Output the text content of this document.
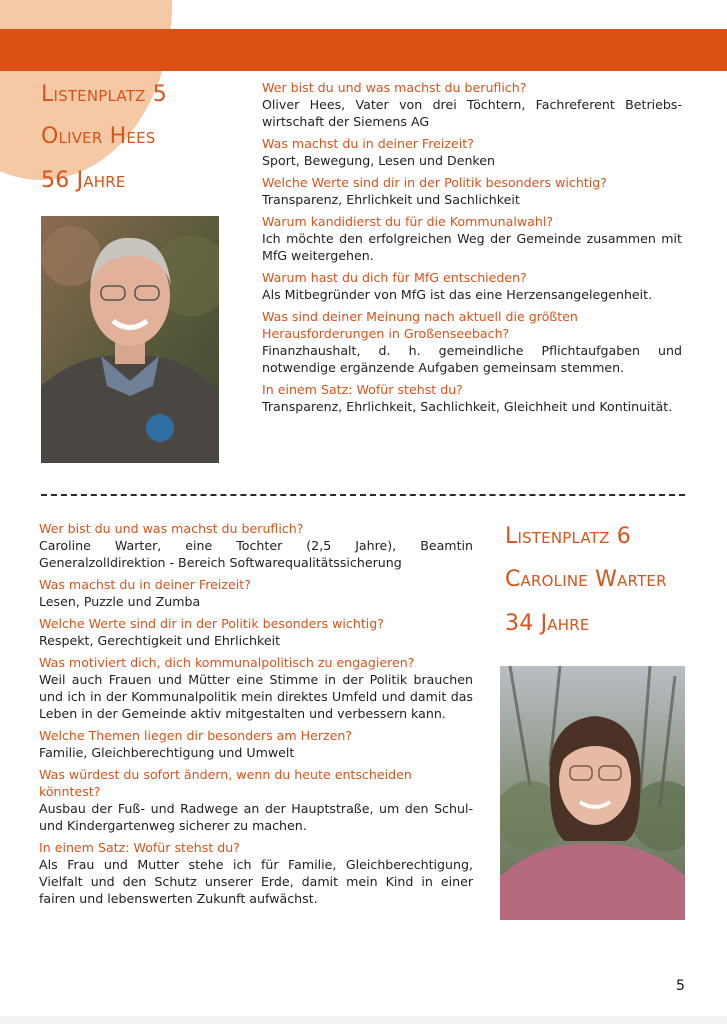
Listenplatz 5
Oliver Hees
56 Jahre

Wer bist du und was machst du beruflich?

Oliver Hees, Vater von drei Töchtern, Fachreferent Betriebs-wirtschaft der Siemens AG

Was machst du in deiner Freizeit?

Sport, Bewegung, Lesen und Denken

Welche Werte sind dir in der Politik besonders wichtig?

Transparenz, Ehrlichkeit und Sachlichkeit

Warum kandidierst du für die Kommunalwahl?

Ich möchte den erfolgreichen Weg der Gemeinde zusammen mit MfG weitergehen.

Warum hast du dich für MfG entschieden?

Als Mitbegründer von MfG ist das eine Herzensangelegenheit.

Was sind deiner Meinung nach aktuell die größten Herausforderungen in Großenseebach?

Finanzhaushalt, d. h. gemeindliche Pflichtaufgaben und notwendige ergänzende Aufgaben gemeinsam stemmen.

In einem Satz: Wofür stehst du?

Transparenz, Ehrlichkeit, Sachlichkeit, Gleichheit und Kontinuität.

Wer bist du und was machst du beruflich?

Caroline Warter, eine Tochter (2,5 Jahre), Beamtin Generalzolldirektion - Bereich Softwarequalitätssicherung

Was machst du in deiner Freizeit?

Lesen, Puzzle und Zumba

Welche Werte sind dir in der Politik besonders wichtig?

Respekt, Gerechtigkeit und Ehrlichkeit

Was motiviert dich, dich kommunalpolitisch zu engagieren?

Weil auch Frauen und Mütter eine Stimme in der Politik brauchen und ich in der Kommunalpolitik mein direktes Umfeld und damit das Leben in der Gemeinde aktiv mitgestalten und verbessern kann.

Welche Themen liegen dir besonders am Herzen?

Familie, Gleichberechtigung und Umwelt

Was würdest du sofort ändern, wenn du heute entscheiden könntest?

Ausbau der Fuß- und Radwege an der Hauptstraße, um den Schul- und Kindergartenweg sicherer zu machen.

In einem Satz: Wofür stehst du?

Als Frau und Mutter stehe ich für Familie, Gleichberechtigung, Vielfalt und den Schutz unserer Erde, damit mein Kind in einer fairen und lebenswerten Zukunft aufwächst.

Listenplatz 6
Caroline Warter
34 Jahre
5
